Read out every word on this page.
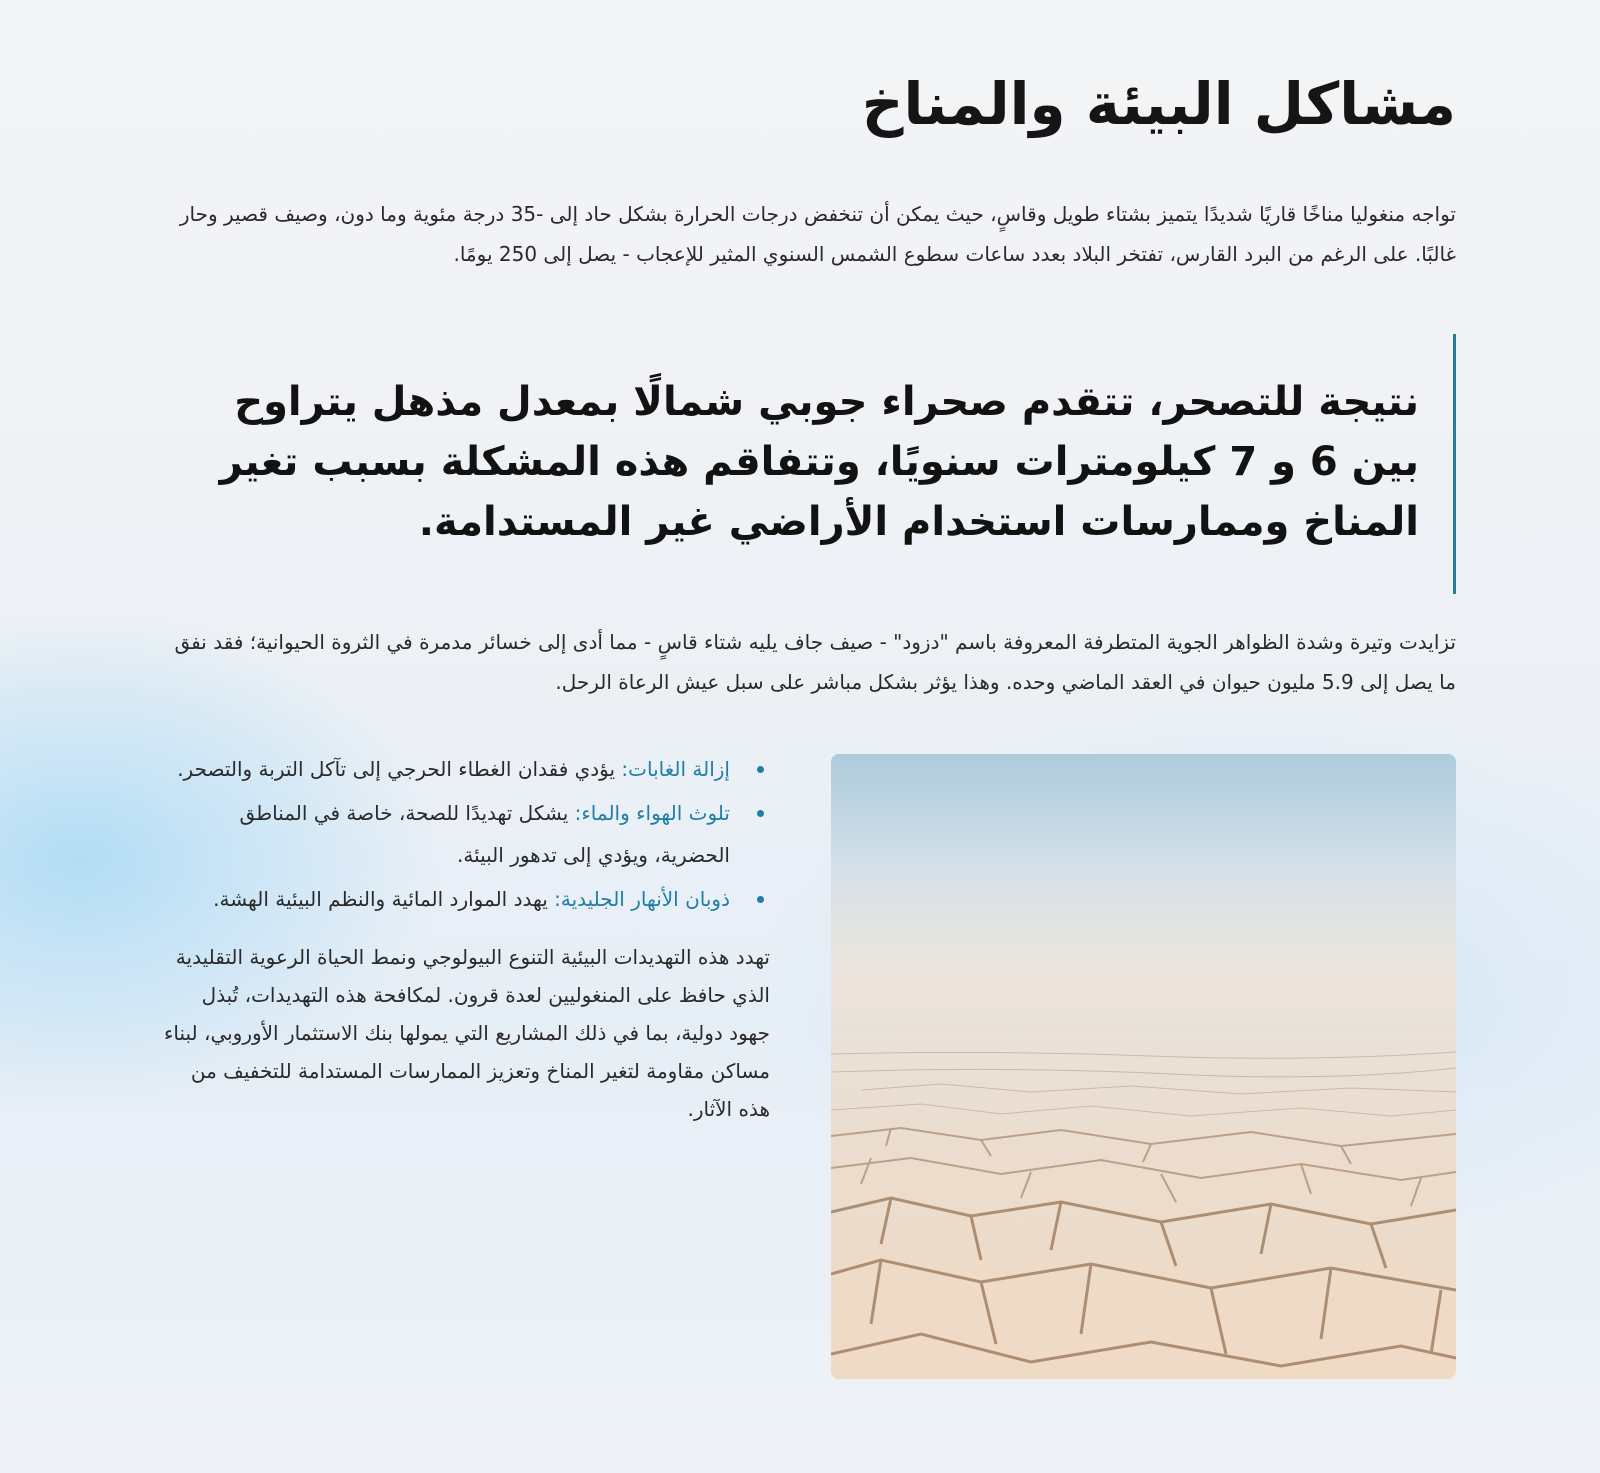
مشاكل البيئة والمناخ

تواجه منغوليا مناخًا قاريًا شديدًا يتميز بشتاء طويل وقاسٍ، حيث يمكن أن تنخفض درجات الحرارة بشكل حاد إلى -35 درجة مئوية وما دون، وصيف قصير وحار غالبًا. على الرغم من البرد القارس، تفتخر البلاد بعدد ساعات سطوع الشمس السنوي المثير للإعجاب - يصل إلى 250 يومًا.

نتيجة للتصحر، تتقدم صحراء جوبي شمالًا بمعدل مذهل يتراوح بين 6 و 7 كيلومترات سنويًا، وتتفاقم هذه المشكلة بسبب تغير المناخ وممارسات استخدام الأراضي غير المستدامة.

تزايدت وتيرة وشدة الظواهر الجوية المتطرفة المعروفة باسم "دزود" - صيف جاف يليه شتاء قاسٍ - مما أدى إلى خسائر مدمرة في الثروة الحيوانية؛ فقد نفق ما يصل إلى 5.9 مليون حيوان في العقد الماضي وحده. وهذا يؤثر بشكل مباشر على سبل عيش الرعاة الرحل.

إزالة الغابات: يؤدي فقدان الغطاء الحرجي إلى تآكل التربة والتصحر.
تلوث الهواء والماء: يشكل تهديدًا للصحة، خاصة في المناطق الحضرية، ويؤدي إلى تدهور البيئة.
ذوبان الأنهار الجليدية: يهدد الموارد المائية والنظم البيئية الهشة.

تهدد هذه التهديدات البيئية التنوع البيولوجي ونمط الحياة الرعوية التقليدية الذي حافظ على المنغوليين لعدة قرون. لمكافحة هذه التهديدات، تُبذل جهود دولية، بما في ذلك المشاريع التي يمولها بنك الاستثمار الأوروبي، لبناء مساكن مقاومة لتغير المناخ وتعزيز الممارسات المستدامة للتخفيف من هذه الآثار.
